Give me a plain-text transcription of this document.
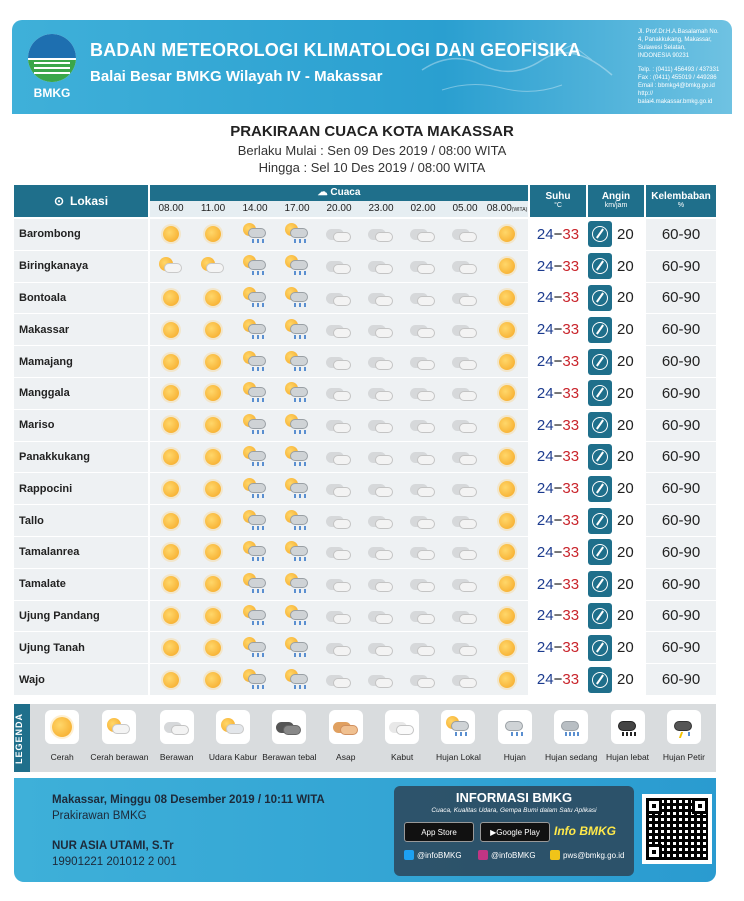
BMKG
BADAN METEOROLOGI KLIMATOLOGI DAN GEOFISIKA
Balai Besar BMKG Wilayah IV - Makassar
Jl. Prof.Dr.H.A.Basalamah No.
4, Panakkukang, Makassar,
Sulawesi Selatan,
INDONESIA 90231
Telp. : (0411) 456493 / 437331
Fax : (0411) 455019 / 449286
Email : bbmkg4@bmkg.go.id
http://
balai4.makassar.bmkg.go.id
PRAKIRAAN CUACA KOTA MAKASSAR
Berlaku Mulai : Sen 09 Des 2019 / 08:00 WITA
Hingga : Sel 10 Des 2019 / 08:00 WITA
⊙ Lokasi
☁ Cuaca
08.00	11.00	14.00	17.00	20.00	23.00	02.00	05.00 08.00(WITA)
Suhu
°C
Angin
km/jam
Kelembaban
%
Barombong	24 − 33	20	60-90
Biringkanaya	24 − 33	20	60-90
Bontoala	24 − 33	20	60-90
Makassar	24 − 33	20	60-90
Mamajang	24 − 33	20	60-90
Manggala	24 − 33	20	60-90
Mariso	24 − 33	20	60-90
Panakkukang	24 − 33	20	60-90
Rappocini	24 − 33	20	60-90
Tallo	24 − 33	20	60-90
Tamalanrea	24 − 33	20	60-90
Tamalate	24 − 33	20	60-90
Ujung Pandang	24 − 33	20	60-90
Ujung Tanah	24 − 33	20	60-90
Wajo	24 − 33	20	60-90
LEGENDA	Cerah Cerah berawan Berawan Udara Kabur Berawan tebal Asap	Kabut	Hujan Lokal	Hujan Hujan sedang Hujan lebat Hujan Petir
Makassar, Minggu 08 Desember 2019 / 10:11 WITA
Prakirawan BMKG
NUR ASIA UTAMI, S.Tr
19901221 201012 2 001
INFORMASI BMKG
Cuaca, Kualitas Udara, Gempa Bumi dalam Satu Aplikasi
App Store	▶ Google Play Info BMKG
@infoBMKG	@infoBMKG	pws@bmkg.go.id
